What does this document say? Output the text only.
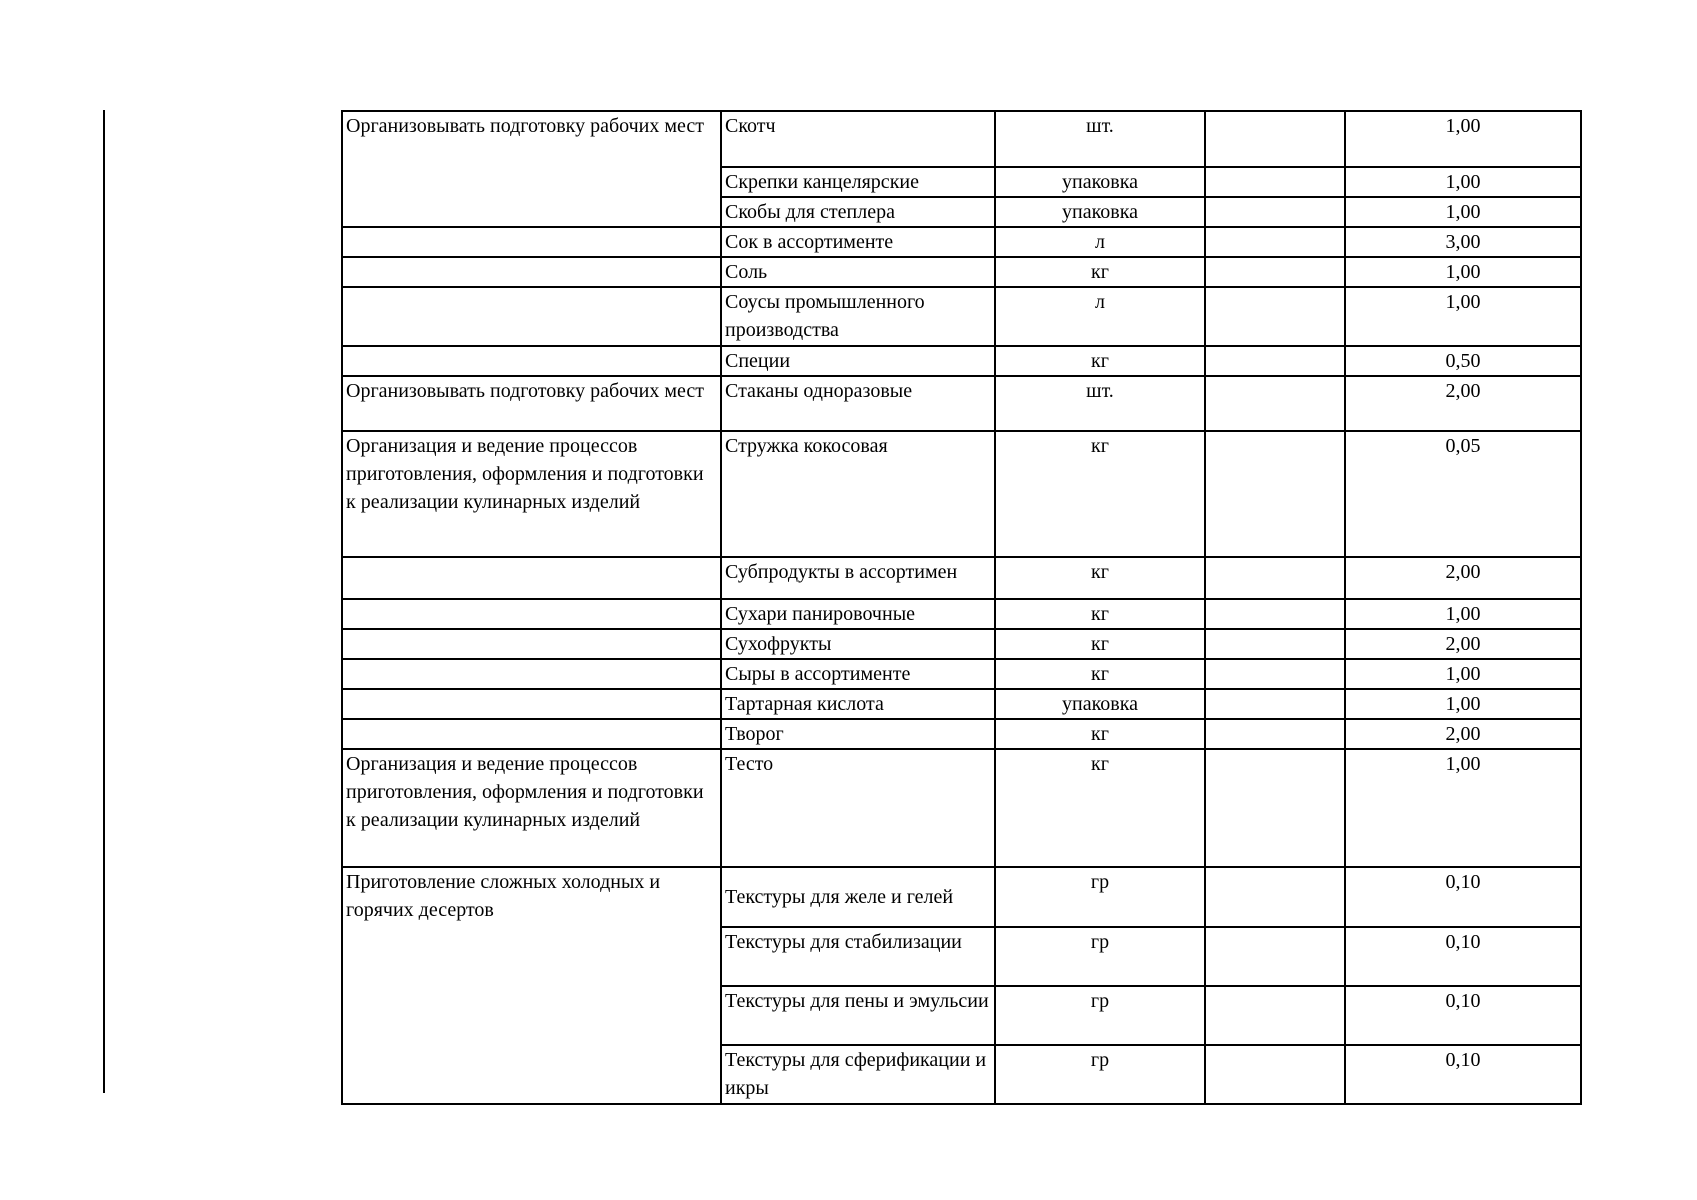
Организовывать подготовку рабочих мест	Скотч	шт.		1,00
	Скрепки канцелярские	упаковка		1,00
	Скобы для степлера	упаковка		1,00
	Сок в ассортименте	л		3,00
	Соль	кг		1,00
	Соусы промышленного производства	л		1,00
	Специи	кг		0,50
Организовывать подготовку рабочих мест	Стаканы одноразовые	шт.		2,00
Организация и ведение процессов приготовления, оформления и подготовки к реализации кулинарных изделий	Стружка кокосовая	кг		0,05
	Субпродукты в ассортимен	кг		2,00
	Сухари панировочные	кг		1,00
	Сухофрукты	кг		2,00
	Сыры в ассортименте	кг		1,00
	Тартарная кислота	упаковка		1,00
	Творог	кг		2,00
Организация и ведение процессов приготовления, оформления и подготовки к реализации кулинарных изделий	Тесто	кг		1,00
Приготовление сложных холодных и горячих десертов	Текстуры для желе и гелей	гр		0,10
	Текстуры для стабилизации	гр		0,10
	Текстуры для пены и эмульсии	гр		0,10
	Текстуры для сферификации и икры	гр		0,10
